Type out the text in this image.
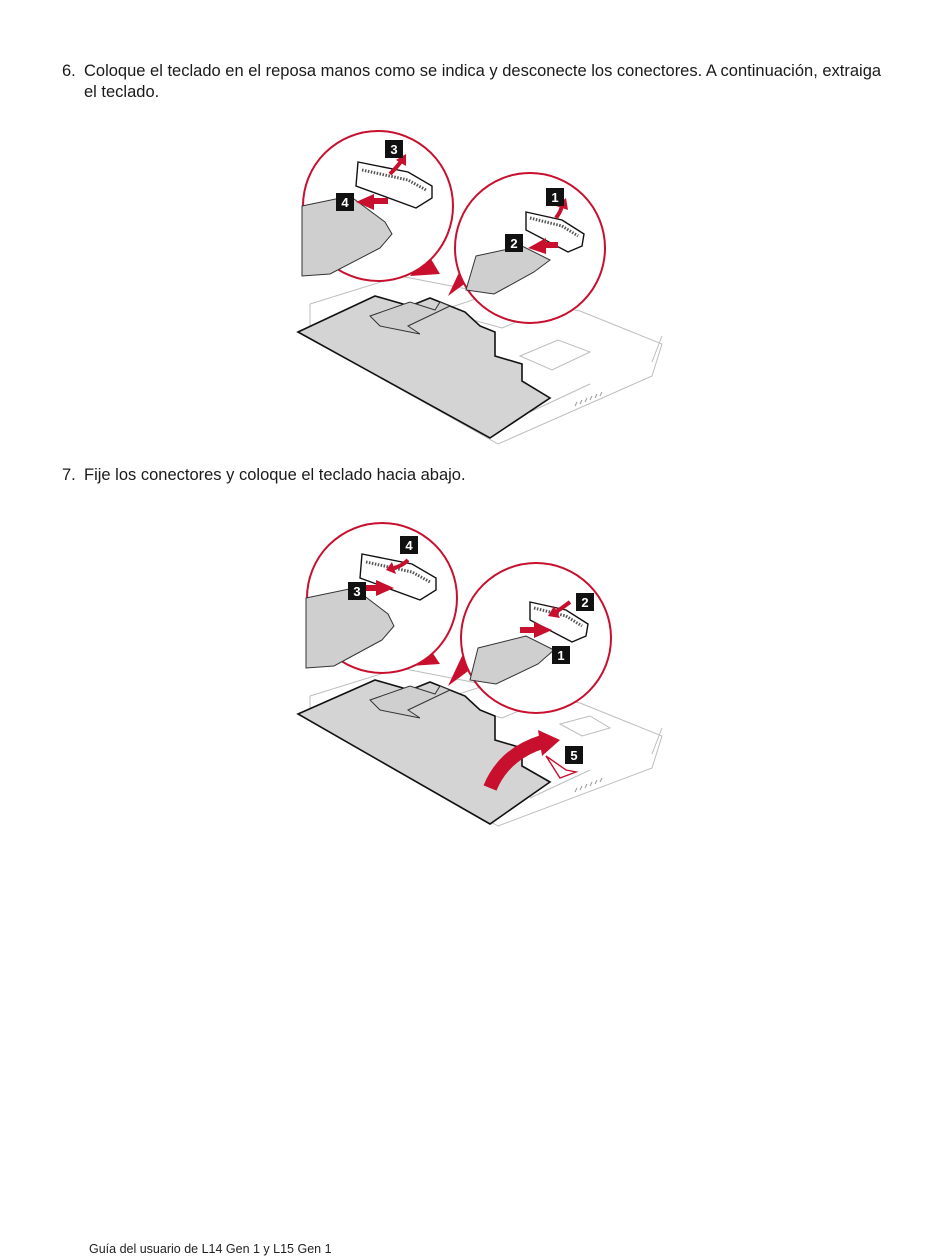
6. Coloque el teclado en el reposa manos como se indica y desconecte los conectores. A continuación, extraiga el teclado.
3
4	1
2
7. Fije los conectores y coloque el teclado hacia abajo.
5
4
3
2
1
Guía del usuario de L14 Gen 1 y L15 Gen 1
